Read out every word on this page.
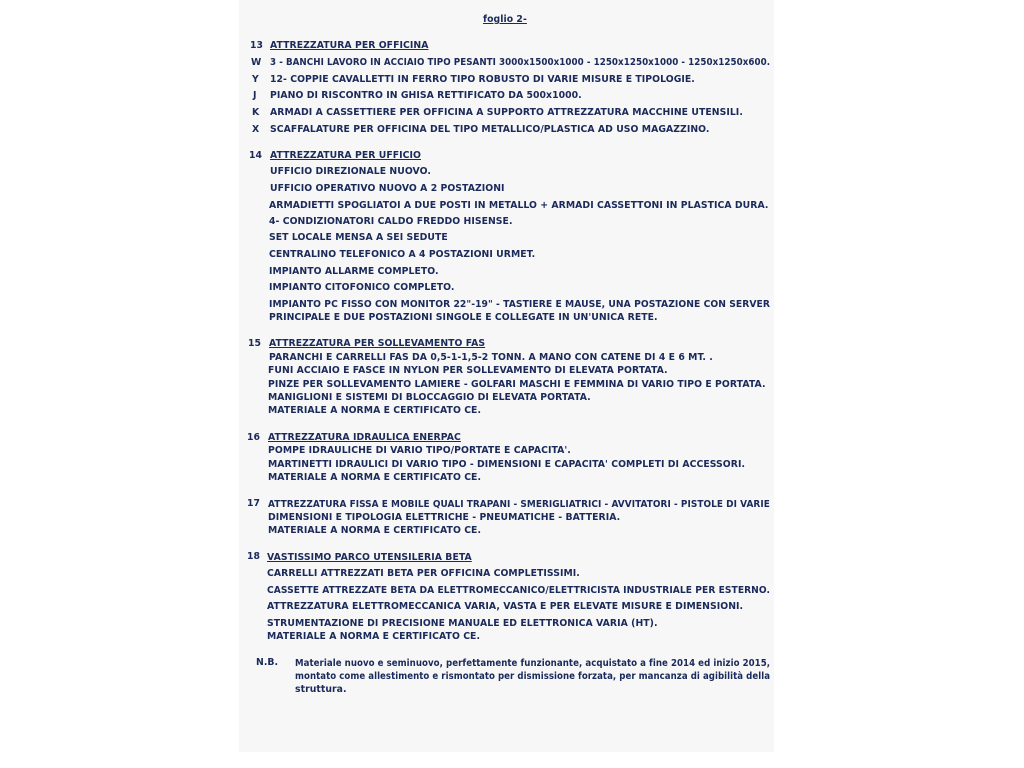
foglio 2-
13 ATTREZZATURA PER OFFICINA
W 3 - BANCHI LAVORO IN ACCIAIO TIPO PESANTI 3000x1500x1000 - 1250x1250x1000 - 1250x1250x600.
Y 12- COPPIE CAVALLETTI IN FERRO TIPO ROBUSTO DI VARIE MISURE E TIPOLOGIE.
J PIANO DI RISCONTRO IN GHISA RETTIFICATO DA 500x1000.
K ARMADI A CASSETTIERE PER OFFICINA A SUPPORTO ATTREZZATURA MACCHINE UTENSILI.
X SCAFFALATURE PER OFFICINA DEL TIPO METALLICO/PLASTICA AD USO MAGAZZINO.
14 ATTREZZATURA PER UFFICIO
UFFICIO DIREZIONALE NUOVO.
UFFICIO OPERATIVO NUOVO A 2 POSTAZIONI
ARMADIETTI SPOGLIATOI A DUE POSTI IN METALLO + ARMADI CASSETTONI IN PLASTICA DURA.
4- CONDIZIONATORI CALDO FREDDO HISENSE.
SET LOCALE MENSA A SEI SEDUTE
CENTRALINO TELEFONICO A 4 POSTAZIONI URMET.
IMPIANTO ALLARME COMPLETO.
IMPIANTO CITOFONICO COMPLETO.
IMPIANTO PC FISSO CON MONITOR 22"-19" - TASTIERE E MAUSE, UNA POSTAZIONE CON SERVER
PRINCIPALE E DUE POSTAZIONI SINGOLE E COLLEGATE IN UN'UNICA RETE.
15 ATTREZZATURA PER SOLLEVAMENTO FAS
PARANCHI E CARRELLI FAS DA 0,5-1-1,5-2 TONN. A MANO CON CATENE DI 4 E 6 MT. .
FUNI ACCIAIO E FASCE IN NYLON PER SOLLEVAMENTO DI ELEVATA PORTATA.
PINZE PER SOLLEVAMENTO LAMIERE - GOLFARI MASCHI E FEMMINA DI VARIO TIPO E PORTATA.
MANIGLIONI E SISTEMI DI BLOCCAGGIO DI ELEVATA PORTATA.
MATERIALE A NORMA E CERTIFICATO CE.
16 ATTREZZATURA IDRAULICA ENERPAC
POMPE IDRAULICHE DI VARIO TIPO/PORTATE E CAPACITA'.
MARTINETTI IDRAULICI DI VARIO TIPO - DIMENSIONI E CAPACITA' COMPLETI DI ACCESSORI.
MATERIALE A NORMA E CERTIFICATO CE.
17 ATTREZZATURA FISSA E MOBILE QUALI TRAPANI - SMERIGLIATRICI - AVVITATORI - PISTOLE DI VARIE
DIMENSIONI E TIPOLOGIA ELETTRICHE - PNEUMATICHE - BATTERIA.
MATERIALE A NORMA E CERTIFICATO CE.
18 VASTISSIMO PARCO UTENSILERIA BETA
CARRELLI ATTREZZATI BETA PER OFFICINA COMPLETISSIMI.
CASSETTE ATTREZZATE BETA DA ELETTROMECCANICO/ELETTRICISTA INDUSTRIALE PER ESTERNO.
ATTREZZATURA ELETTROMECCANICA VARIA, VASTA E PER ELEVATE MISURE E DIMENSIONI.
STRUMENTAZIONE DI PRECISIONE MANUALE ED ELETTRONICA VARIA (HT).
MATERIALE A NORMA E CERTIFICATO CE.
N.B. Materiale nuovo e seminuovo, perfettamente funzionante, acquistato a fine 2014 ed inizio 2015,
montato come allestimento e rismontato per dismissione forzata, per mancanza di agibilità della
struttura.
